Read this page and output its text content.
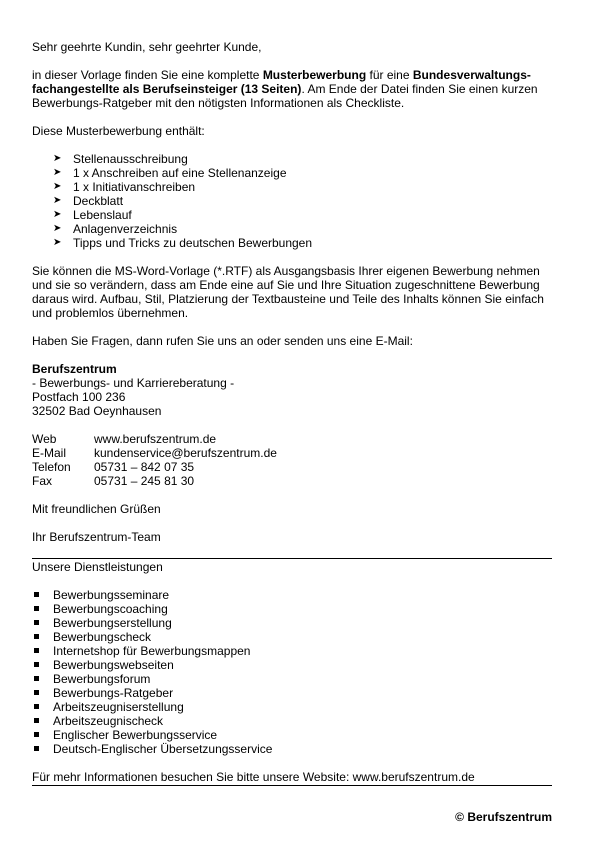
Sehr geehrte Kundin, sehr geehrter Kunde,

in dieser Vorlage finden Sie eine komplette Musterbewerbung für eine Bundesverwaltungs-
fachangestellte als Berufseinsteiger (13 Seiten). Am Ende der Datei finden Sie einen kurzen
Bewerbungs-Ratgeber mit den nötigsten Informationen als Checkliste.

Diese Musterbewerbung enthält:

➤ Stellenausschreibung
➤ 1 x Anschreiben auf eine Stellenanzeige
➤ 1 x Initiativanschreiben
➤ Deckblatt
➤ Lebenslauf
➤ Anlagenverzeichnis
➤ Tipps und Tricks zu deutschen Bewerbungen
Sie können die MS-Word-Vorlage (*.RTF) als Ausgangsbasis Ihrer eigenen Bewerbung nehmen
und sie so verändern, dass am Ende eine auf Sie und Ihre Situation zugeschnittene Bewerbung
daraus wird. Aufbau, Stil, Platzierung der Textbausteine und Teile des Inhalts können Sie einfach
und problemlos übernehmen.

Haben Sie Fragen, dann rufen Sie uns an oder senden uns eine E-Mail:

Berufszentrum
- Bewerbungs- und Karriereberatung -
Postfach 100 236
32502 Bad Oeynhausen
Web	www.berufszentrum.de
E-Mail	kundenservice@berufszentrum.de
Telefon	05731 – 842 07 35
Fax	05731 – 245 81 30

Mit freundlichen Grüßen

Ihr Berufszentrum-Team

Unsere Dienstleistungen

Bewerbungsseminare
Bewerbungscoaching
Bewerbungserstellung
Bewerbungscheck
Internetshop für Bewerbungsmappen
Bewerbungswebseiten
Bewerbungsforum
Bewerbungs-Ratgeber
Arbeitszeugniserstellung
Arbeitszeugnischeck
Englischer Bewerbungsservice
Deutsch-Englischer Übersetzungsservice

Für mehr Informationen besuchen Sie bitte unsere Website: www.berufszentrum.de

© Berufszentrum
